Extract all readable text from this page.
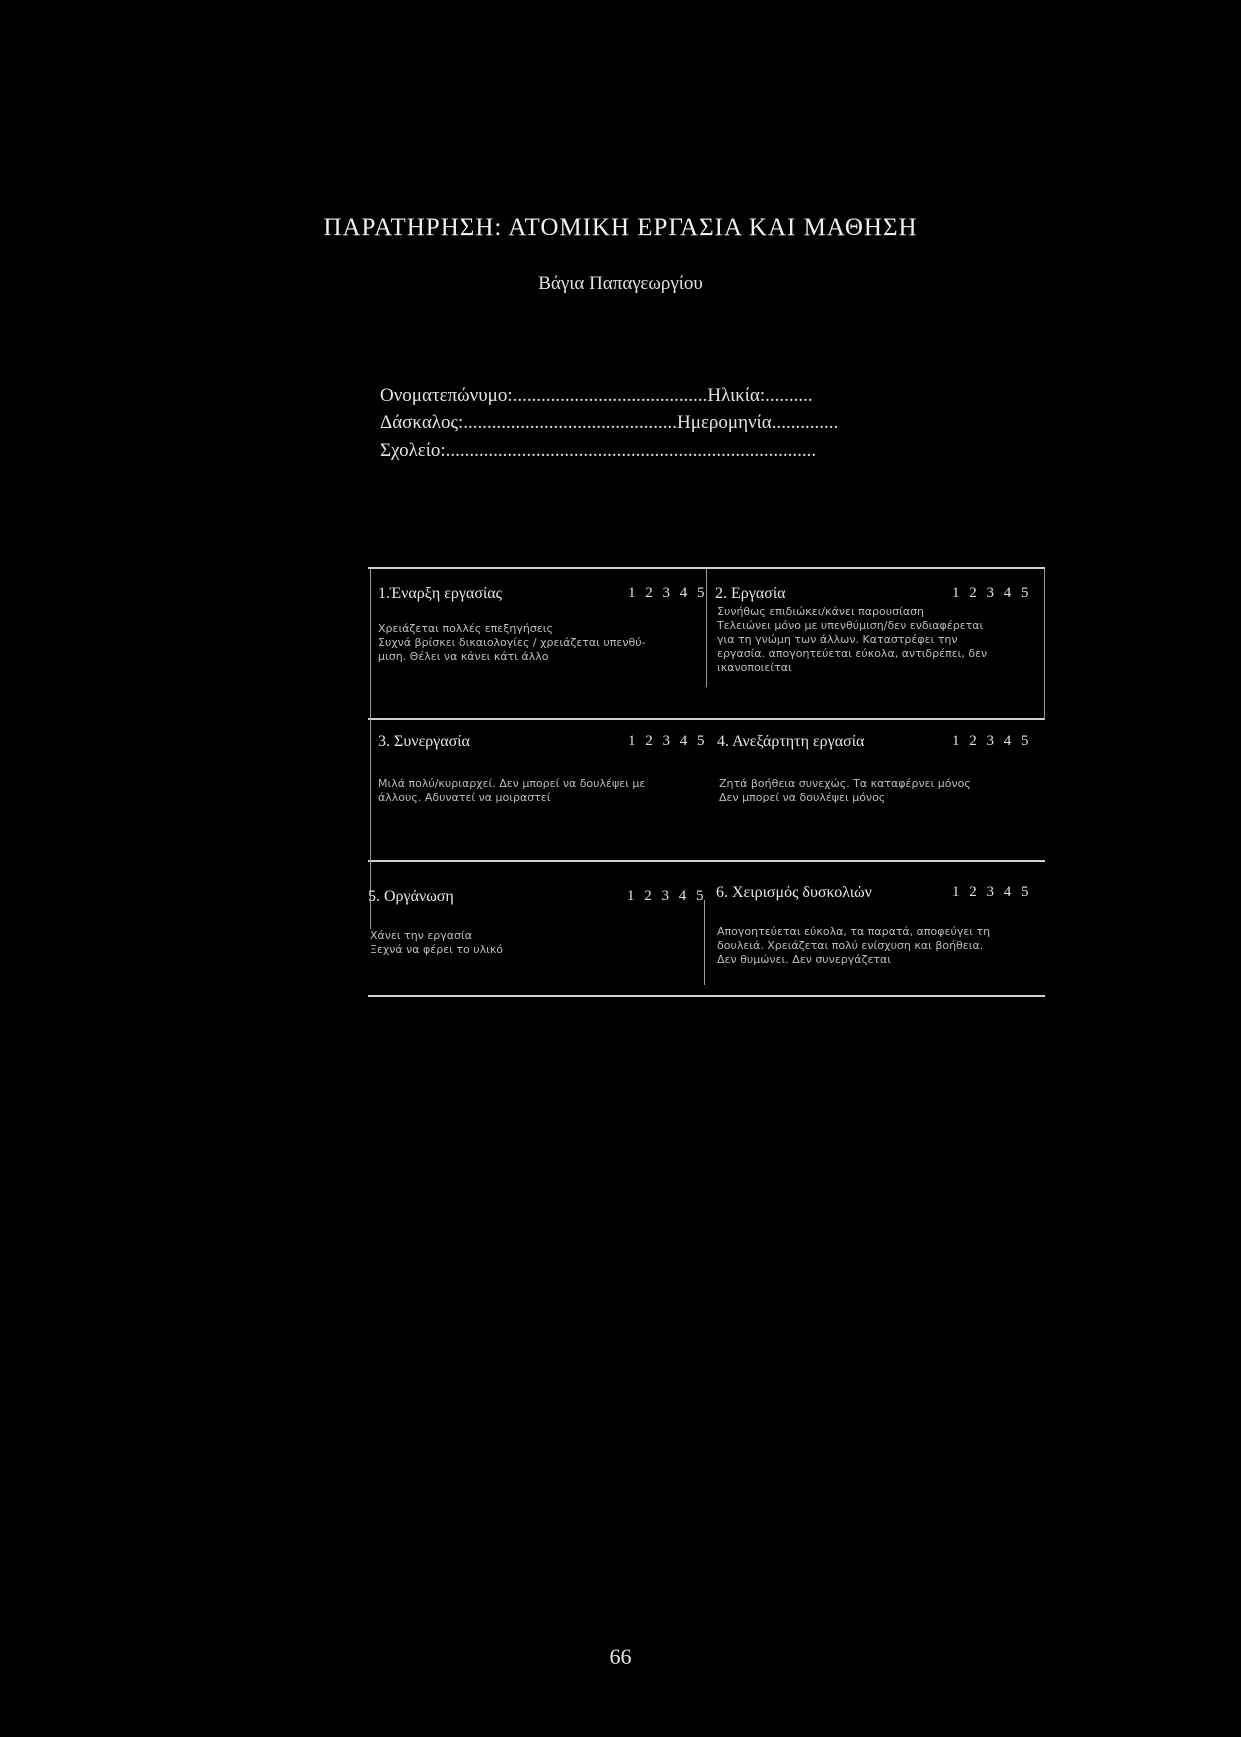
ΠΑΡΑΤΗΡΗΣΗ: ΑΤΟΜΙΚΗ ΕΡΓΑΣΙΑ ΚΑΙ ΜΑΘΗΣΗ
Βάγια Παπαγεωργίου
Ονοματεπώνυμο:.........................................Ηλικία:..........
Δάσκαλος:.............................................Ημερομηνία..............
Σχολείο:..............................................................................
1.Έναρξη εργασίας	1 2 3 4 5
Χρειάζεται πολλές επεξηγήσεις
Συχνά βρίσκει δικαιολογίες / χρειάζεται υπενθύ-
μιση. Θέλει να κάνει κάτι άλλο
2. Εργασία	1 2 3 4 5
Συνήθως επιδιώκει/κάνει παρουσίαση
Τελειώνει μόνο με υπενθύμιση/δεν ενδιαφέρεται
για τη γνώμη των άλλων. Καταστρέφει την
εργασία. απογοητεύεται εύκολα, αντιδρέπει, δεν
ικανοποιείται
3. Συνεργασία	1 2 3 4 5
Μιλά πολύ/κυριαρχεί. Δεν μπορεί να δουλέψει με
άλλους. Αδυνατεί να μοιραστεί
4. Ανεξάρτητη εργασία	1 2 3 4 5
Ζητά βοήθεια συνεχώς. Τα καταφέρνει μόνος
Δεν μπορεί να δουλέψει μόνος
5. Οργάνωση	1 2 3 4 5
Χάνει την εργασία
Ξεχνά να φέρει το υλικό
6. Χειρισμός δυσκολιών	1 2 3 4 5
Απογοητεύεται εύκολα, τα παρατά, αποφεύγει τη
δουλειά. Χρειάζεται πολύ ενίσχυση και βοήθεια.
Δεν θυμώνει. Δεν συνεργάζεται
66
